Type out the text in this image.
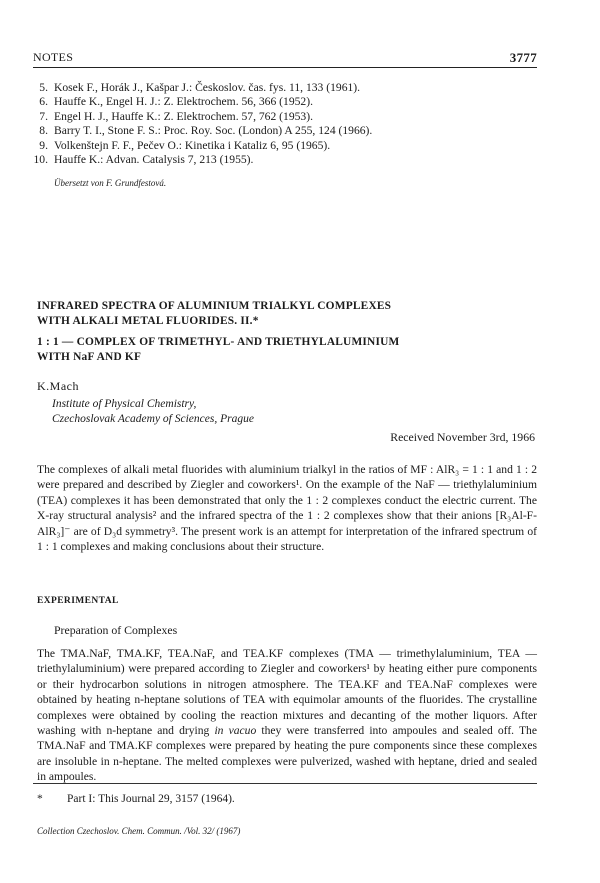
NOTES	3777
5. Kosek F., Horák J., Kašpar J.: Českoslov. čas. fys. 11, 133 (1961).
6. Hauffe K., Engel H. J.: Z. Elektrochem. 56, 366 (1952).
7. Engel H. J., Hauffe K.: Z. Elektrochem. 57, 762 (1953).
8. Barry T. I., Stone F. S.: Proc. Roy. Soc. (London) A 255, 124 (1966).
9. Volkenštejn F. F., Pečev O.: Kinetika i Kataliz 6, 95 (1965).
10. Hauffe K.: Advan. Catalysis 7, 213 (1955).
Übersetzt von F. Grundfestová.
INFRARED SPECTRA OF ALUMINIUM TRIALKYL COMPLEXES
WITH ALKALI METAL FLUORIDES. II.*
1 : 1 — COMPLEX OF TRIMETHYL- AND TRIETHYLALUMINIUM
WITH NaF AND KF
K.Mach
Institute of Physical Chemistry,
Czechoslovak Academy of Sciences, Prague
Received November 3rd, 1966
The complexes of alkali metal fluorides with aluminium trialkyl in the ratios of MF : AlR₃ = 1 : 1 and 1 : 2 were prepared and described by Ziegler and coworkers¹. On the example of the NaF — triethylaluminium (TEA) complexes it has been demonstrated that only the 1 : 2 complexes conduct the electric current. The X-ray structural analysis² and the infrared spectra of the 1 : 2 complexes show that their anions [R₃Al-F-AlR₃]⁻ are of D₃d symmetry³. The present work is an attempt for interpretation of the infrared spectrum of 1 : 1 complexes and making conclusions about their structure.
EXPERIMENTAL
Preparation of Complexes

The TMA.NaF, TMA.KF, TEA.NaF, and TEA.KF complexes (TMA — trimethylaluminium, TEA — triethylaluminium) were prepared according to Ziegler and coworkers¹ by heating either pure components or their hydrocarbon solutions in nitrogen atmosphere. The TEA.KF and TEA.NaF complexes were obtained by heating n-heptane solutions of TEA with equimolar amounts of the fluorides. The crystalline complexes were obtained by cooling the reaction mixtures and decanting of the mother liquors. After washing with n-heptane and drying in vacuo they were transferred into ampoules and sealed off. The TMA.NaF and TMA.KF complexes were prepared by heating the pure components since these complexes are insoluble in n-heptane. The melted complexes were pulverized, washed with heptane, dried and sealed in ampoules.

* Part I: This Journal 29, 3157 (1964).
Collection Czechoslov. Chem. Commun. /Vol. 32/ (1967)
